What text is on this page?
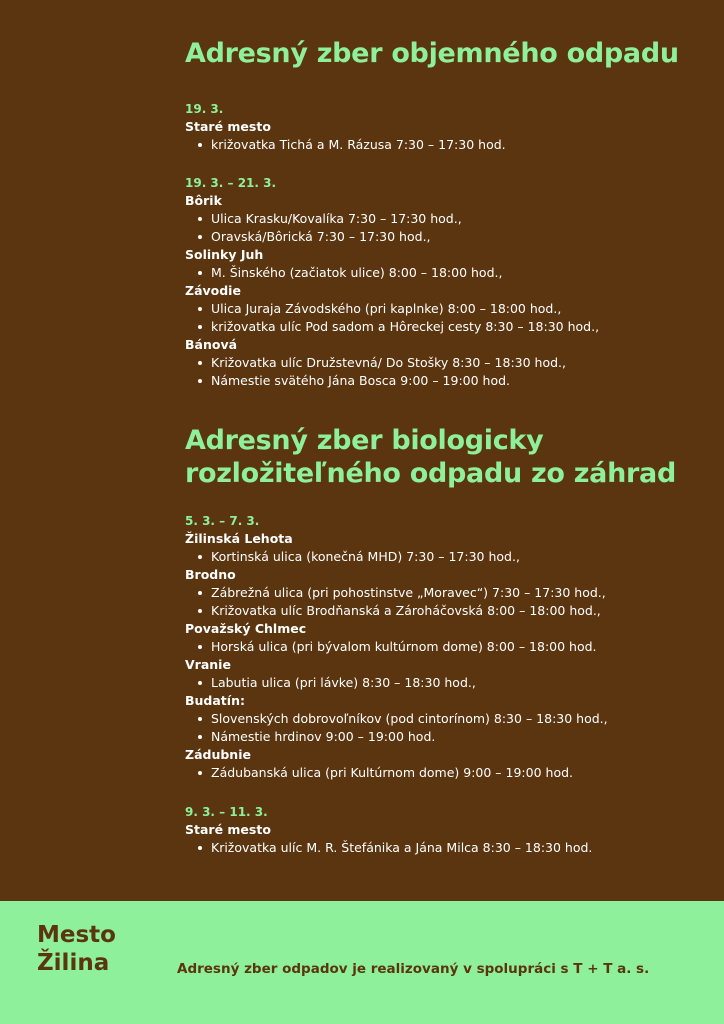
Adresný zber objemného odpadu
19. 3.
Staré mesto
križovatka Tichá a M. Rázusa 7:30 – 17:30 hod.
19. 3. – 21. 3.
Bôrik
Ulica Krasku/Kovalíka 7:30 – 17:30 hod.,
Oravská/Bôrická 7:30 – 17:30 hod.,
Solinky Juh
M. Šinského (začiatok ulice) 8:00 – 18:00 hod.,
Závodie
Ulica Juraja Závodského (pri kaplnke) 8:00 – 18:00 hod.,
križovatka ulíc Pod sadom a Hôreckej cesty 8:30 – 18:30 hod.,
Bánová
Križovatka ulíc Družstevná/ Do Stošky 8:30 – 18:30 hod.,
Námestie svätého Jána Bosca 9:00 – 19:00 hod.
Adresný zber biologicky
rozložiteľného odpadu zo záhrad
5. 3. – 7. 3.
Žilinská Lehota
Kortinská ulica (konečná MHD) 7:30 – 17:30 hod.,
Brodno
Zábrežná ulica (pri pohostinstve „Moravec“) 7:30 – 17:30 hod.,
Križovatka ulíc Brodňanská a Zároháčovská 8:00 – 18:00 hod.,
Považský Chlmec
Horská ulica (pri bývalom kultúrnom dome) 8:00 – 18:00 hod.
Vranie
Labutia ulica (pri lávke) 8:30 – 18:30 hod.,
Budatín:
Slovenských dobrovoľníkov (pod cintorínom) 8:30 – 18:30 hod.,
Námestie hrdinov 9:00 – 19:00 hod.
Zádubnie
Zádubanská ulica (pri Kultúrnom dome) 9:00 – 19:00 hod.
9. 3. – 11. 3.
Staré mesto
Križovatka ulíc M. R. Štefánika a Jána Milca 8:30 – 18:30 hod.
Mesto
Žilina	Adresný zber odpadov je realizovaný v spolupráci s T + T a. s.
